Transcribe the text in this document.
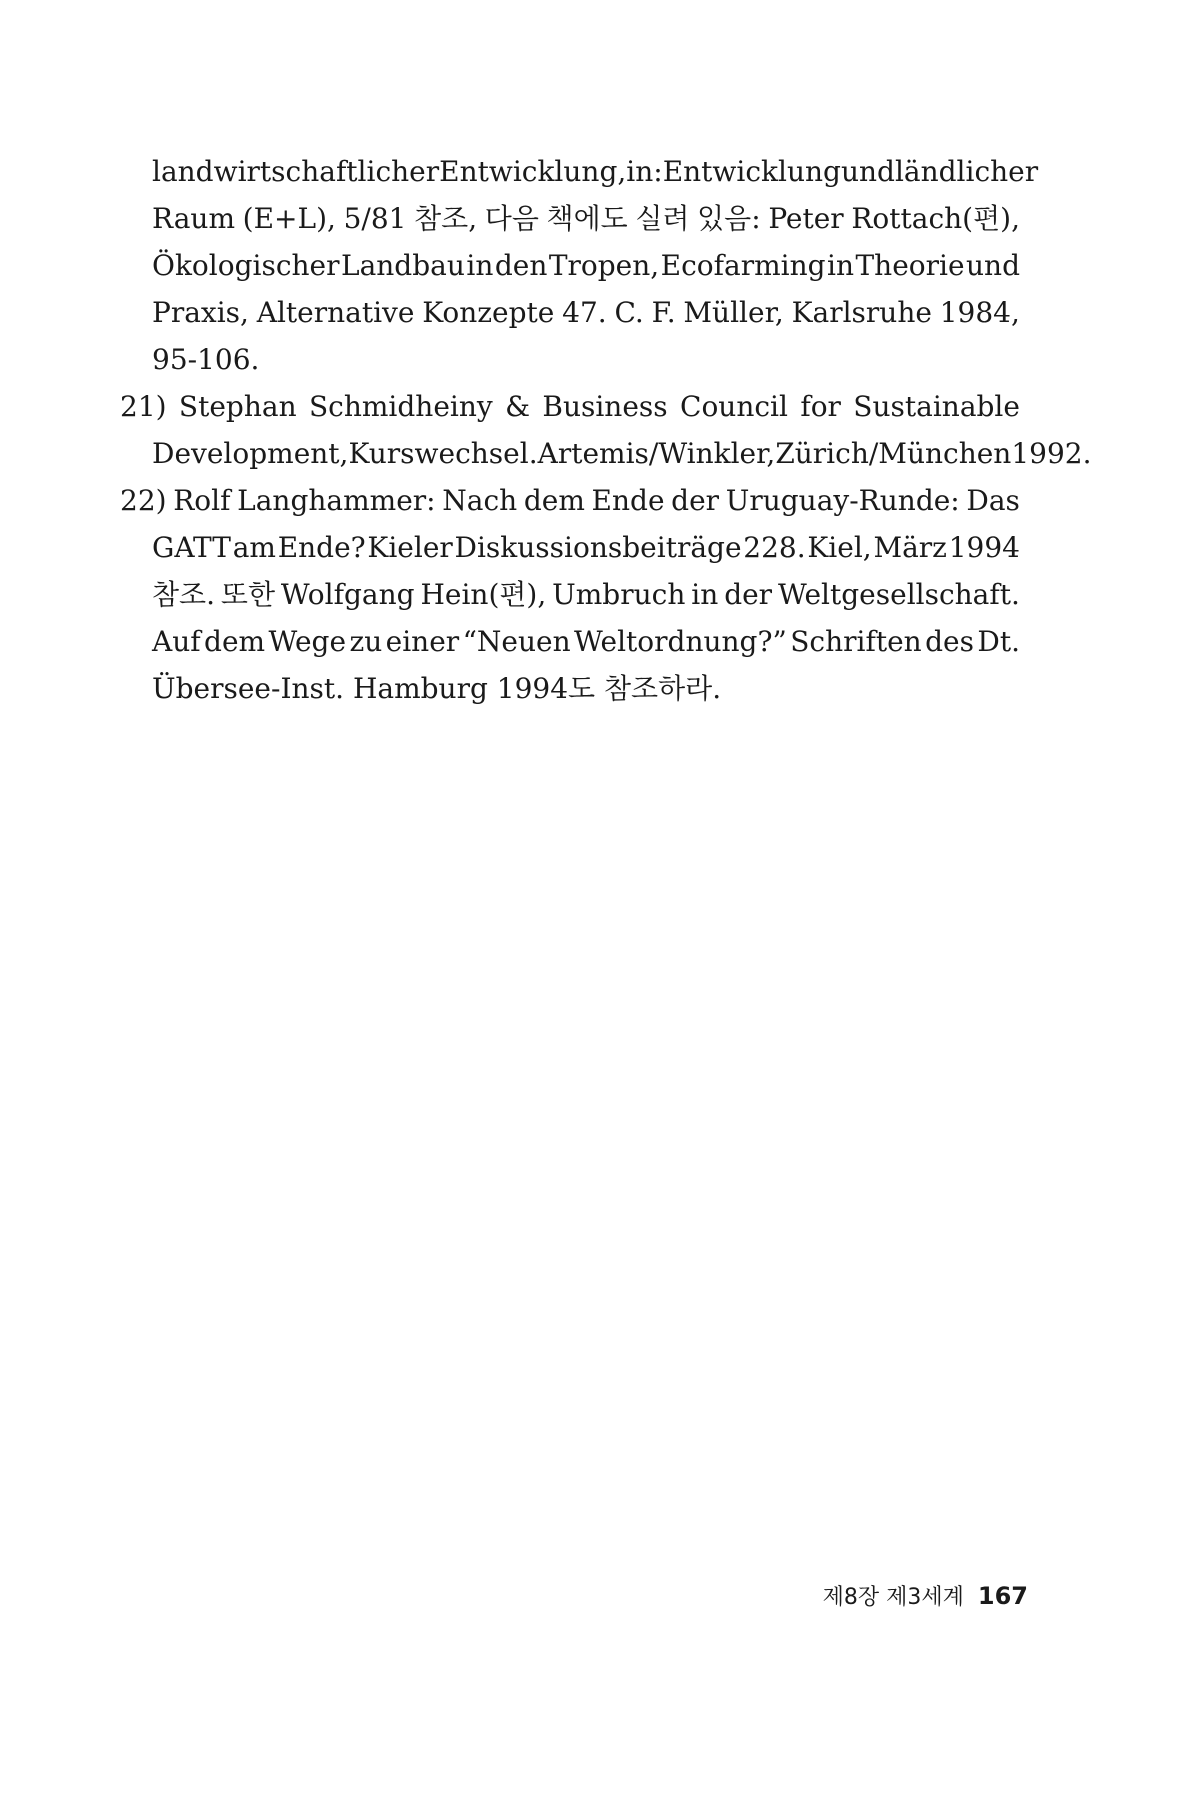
landwirtschaftlicher Entwicklung, in: Entwicklung und ländlicher
Raum (E+L), 5/81 참조, 다음 책에도 실려 있음: Peter Rottach(편),
Ökologischer Landbau in den Tropen, Ecofarming in Theorie und
Praxis, Alternative Konzepte 47. C. F. Müller, Karlsruhe 1984,
95-106.
21) Stephan Schmidheiny & Business Council for Sustainable
Development, Kurswechsel. Artemis/Winkler, Zürich/München 1992.
22) Rolf Langhammer: Nach dem Ende der Uruguay-Runde: Das
GATT am Ende? Kieler Diskussionsbeiträge 228. Kiel, März 1994
참조. 또한 Wolfgang Hein(편), Umbruch in der Weltgesellschaft.
Auf dem Wege zu einer “Neuen Weltordnung?” Schriften des Dt.
Übersee-Inst. Hamburg 1994도 참조하라.
제8장 제3세계 167
